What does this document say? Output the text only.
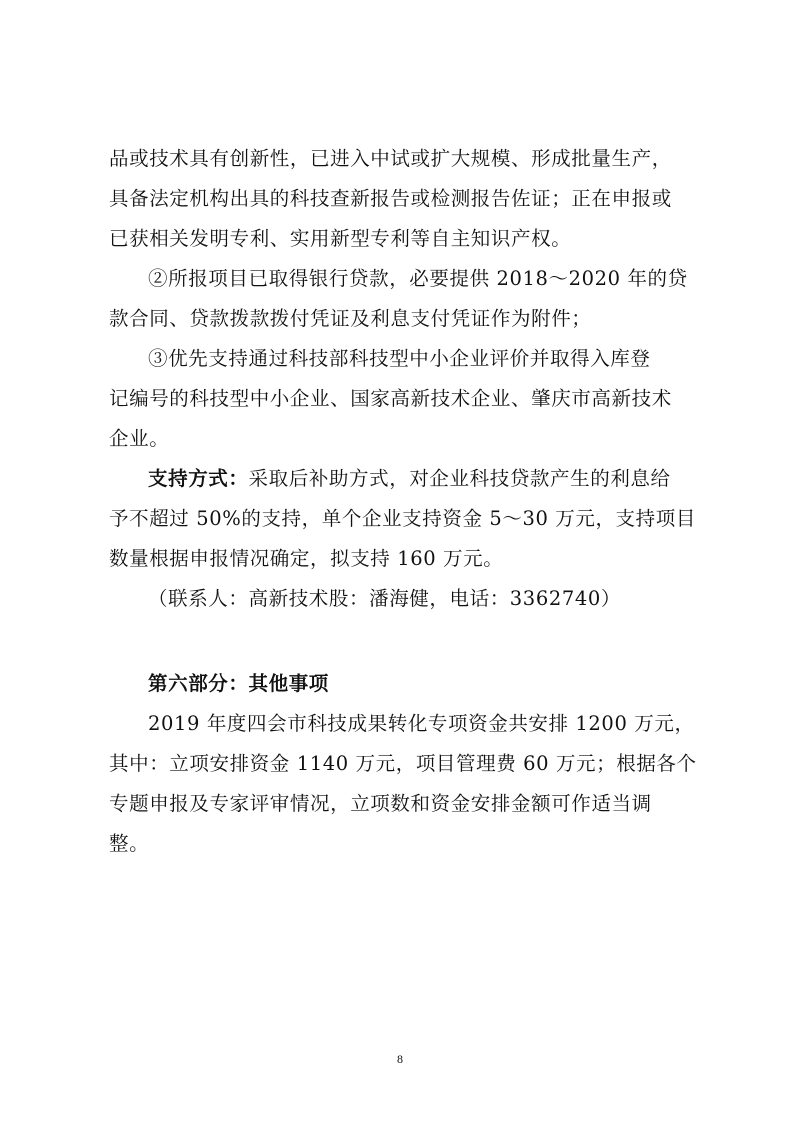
品或技术具有创新性，已进入中试或扩大规模、形成批量生产，
具备法定机构出具的科技查新报告或检测报告佐证；正在申报或
已获相关发明专利、实用新型专利等自主知识产权。
②所报项目已取得银行贷款，必要提供 2018～2020 年的贷
款合同、贷款拨款拨付凭证及利息支付凭证作为附件；
③优先支持通过科技部科技型中小企业评价并取得入库登
记编号的科技型中小企业、国家高新技术企业、肇庆市高新技术
企业。
支持方式：采取后补助方式，对企业科技贷款产生的利息给
予不超过 50%的支持，单个企业支持资金 5～30 万元，支持项目
数量根据申报情况确定，拟支持 160 万元。
（联系人：高新技术股：潘海健，电话：3362740）
第六部分：其他事项
2019 年度四会市科技成果转化专项资金共安排 1200 万元，
其中：立项安排资金 1140 万元，项目管理费 60 万元；根据各个
专题申报及专家评审情况，立项数和资金安排金额可作适当调
整。
8
